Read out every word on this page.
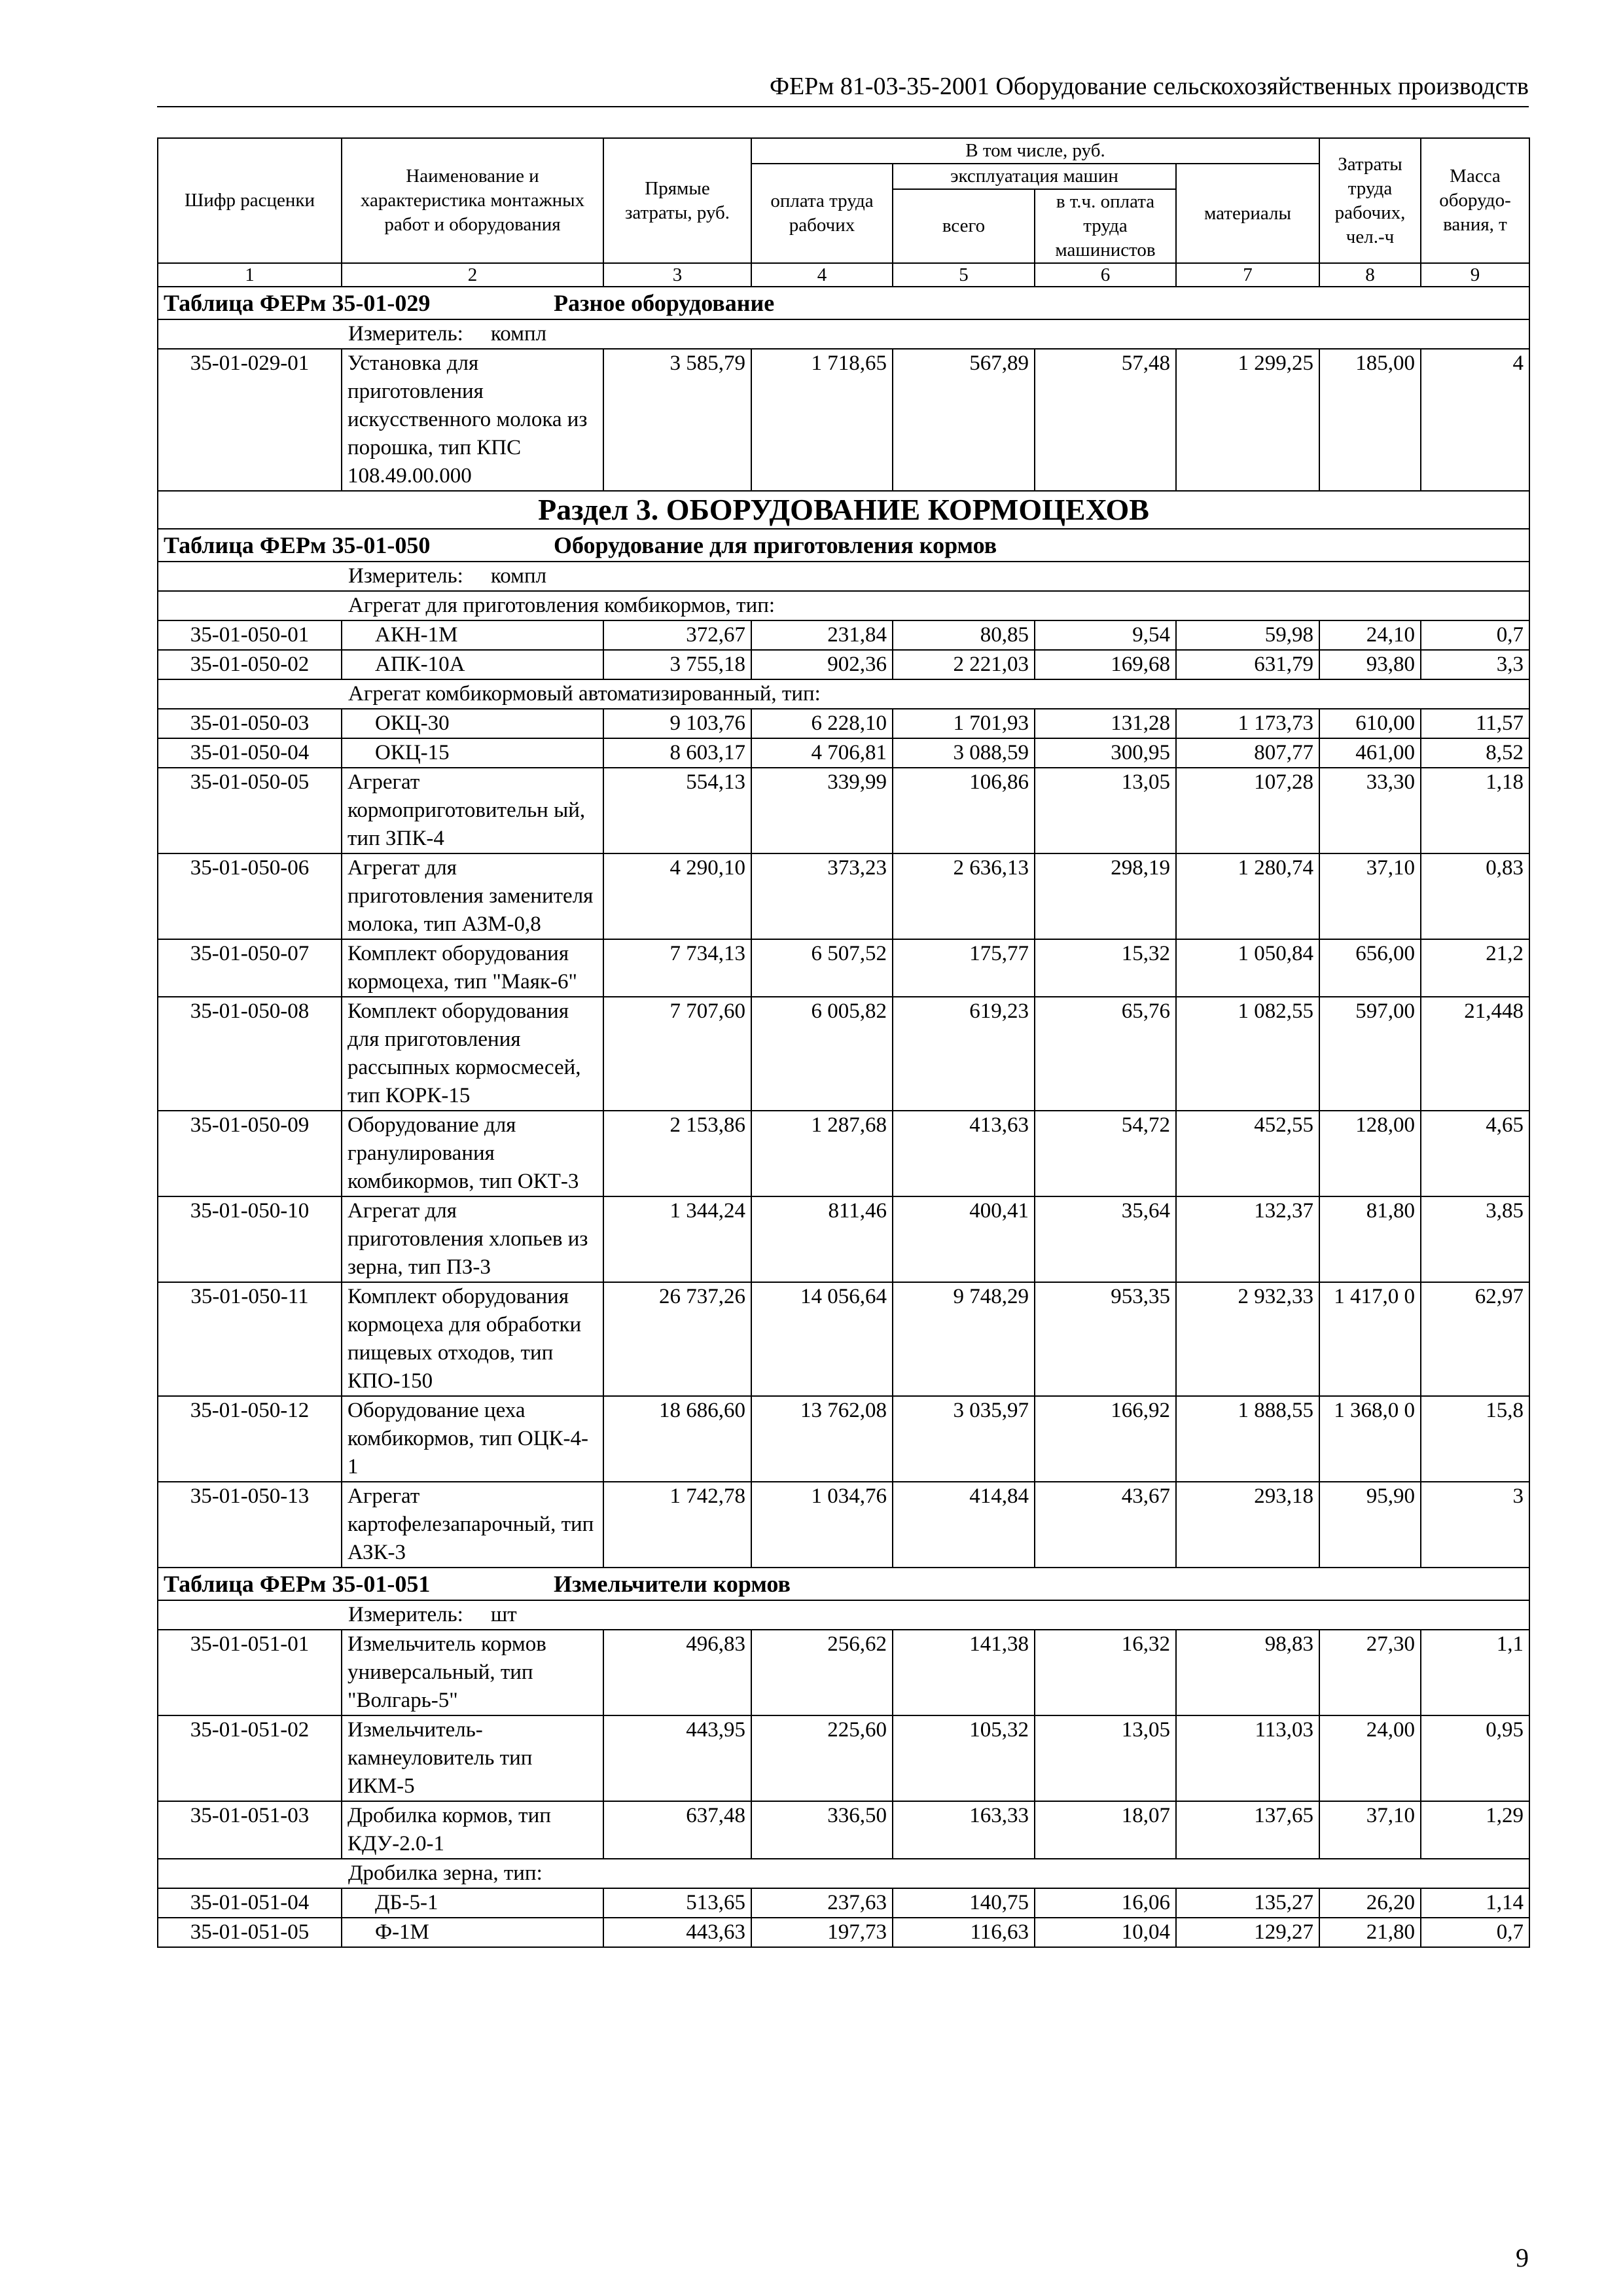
ФЕРм 81-03-35-2001 Оборудование сельскохозяйственных производств
Шифр расценки	Наименование и характеристика монтажных работ и оборудования	Прямые затраты, руб.	В том числе, руб.				Затраты труда рабочих, чел.-ч	Масса оборудо-вания, т
			оплата труда рабочих	эксплуатация машин		материалы		
				всего	в т.ч. оплата труда машинистов			
1	2	3	4	5	6	7	8	9
Таблица ФЕРм 35-01-029 Разное оборудование								
Измеритель: компл								
35-01-029-01	Установка для приготовления искусственного молока из порошка, тип КПС 108.49.00.000	3 585,79	1 718,65	567,89	57,48	1 299,25	185,00	4
Раздел 3. ОБОРУДОВАНИЕ КОРМОЦЕХОВ								
Таблица ФЕРм 35-01-050 Оборудование для приготовления кормов								
Измеритель: компл								
Агрегат для приготовления комбикормов, тип:								
35-01-050-01	АКН-1М	372,67	231,84	80,85	9,54	59,98	24,10	0,7
35-01-050-02	АПК-10А	3 755,18	902,36	2 221,03	169,68	631,79	93,80	3,3
Агрегат комбикормовый автоматизированный, тип:								
35-01-050-03	ОКЦ-30	9 103,76	6 228,10	1 701,93	131,28	1 173,73	610,00	11,57
35-01-050-04	ОКЦ-15	8 603,17	4 706,81	3 088,59	300,95	807,77	461,00	8,52
35-01-050-05	Агрегат кормоприготовительн ый, тип ЗПК-4	554,13	339,99	106,86	13,05	107,28	33,30	1,18
35-01-050-06	Агрегат для приготовления заменителя молока, тип АЗМ-0,8	4 290,10	373,23	2 636,13	298,19	1 280,74	37,10	0,83
35-01-050-07	Комплект оборудования кормоцеха, тип "Маяк-6"	7 734,13	6 507,52	175,77	15,32	1 050,84	656,00	21,2
35-01-050-08	Комплект оборудования для приготовления рассыпных кормосмесей, тип КОРК-15	7 707,60	6 005,82	619,23	65,76	1 082,55	597,00	21,448
35-01-050-09	Оборудование для гранулирования комбикормов, тип ОКТ-3	2 153,86	1 287,68	413,63	54,72	452,55	128,00	4,65
35-01-050-10	Агрегат для приготовления хлопьев из зерна, тип ПЗ-3	1 344,24	811,46	400,41	35,64	132,37	81,80	3,85
35-01-050-11	Комплект оборудования кормоцеха для обработки пищевых отходов, тип КПО-150	26 737,26	14 056,64	9 748,29	953,35	2 932,33	1 417,0 0	62,97
35-01-050-12	Оборудование цеха комбикормов, тип ОЦК-4-1	18 686,60	13 762,08	3 035,97	166,92	1 888,55	1 368,0 0	15,8
35-01-050-13	Агрегат картофелезапарочный, тип АЗК-3	1 742,78	1 034,76	414,84	43,67	293,18	95,90	3
Таблица ФЕРм 35-01-051 Измельчители кормов								
Измеритель: шт								
35-01-051-01	Измельчитель кормов универсальный, тип "Волгарь-5"	496,83	256,62	141,38	16,32	98,83	27,30	1,1
35-01-051-02	Измельчитель-камнеуловитель тип ИКМ-5	443,95	225,60	105,32	13,05	113,03	24,00	0,95
35-01-051-03	Дробилка кормов, тип КДУ-2.0-1	637,48	336,50	163,33	18,07	137,65	37,10	1,29
Дробилка зерна, тип:								
35-01-051-04	ДБ-5-1	513,65	237,63	140,75	16,06	135,27	26,20	1,14
35-01-051-05	Ф-1М	443,63	197,73	116,63	10,04	129,27	21,80	0,7
9
